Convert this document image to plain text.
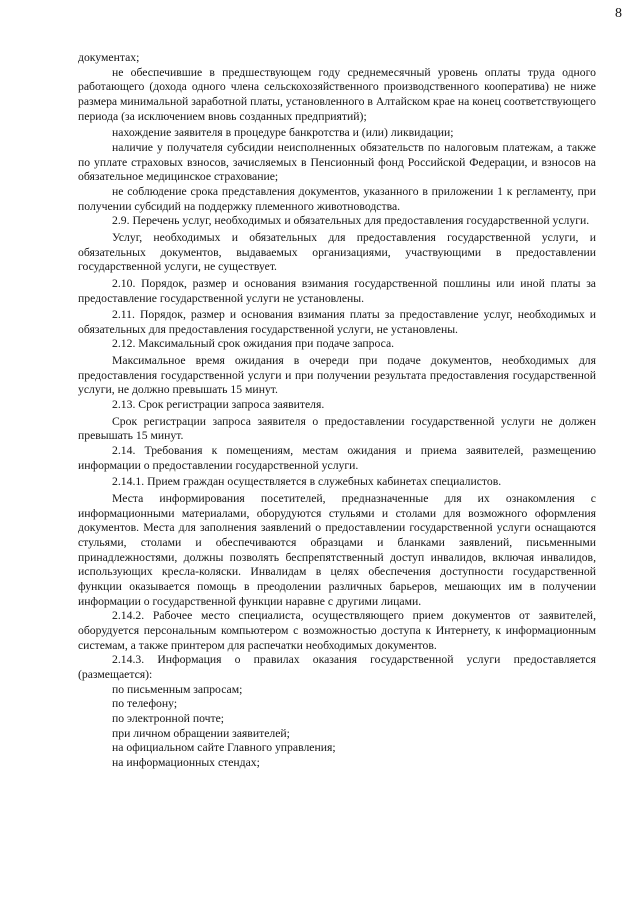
8

документах;

не обеспечившие в предшествующем году среднемесячный уровень оплаты труда одного работающего (дохода одного члена сельскохозяйственного производственного кооператива) не ниже размера минимальной заработной платы, установленного в Алтайском крае на конец соответствующего периода (за исключением вновь созданных предприятий);

нахождение заявителя в процедуре банкротства и (или) ликвидации;

наличие у получателя субсидии неисполненных обязательств по налоговым платежам, а также по уплате страховых взносов, зачисляемых в Пенсионный фонд Российской Федерации, и взносов на обязательное медицинское страхование;

не соблюдение срока представления документов, указанного в приложении 1 к регламенту, при получении субсидий на поддержку племенного животноводства.

2.9. Перечень услуг, необходимых и обязательных для предоставления государственной услуги.

Услуг, необходимых и обязательных для предоставления государственной услуги, и обязательных документов, выдаваемых организациями, участвующими в предоставлении государственной услуги, не существует.

2.10. Порядок, размер и основания взимания государственной пошлины или иной платы за предоставление государственной услуги не установлены.

2.11. Порядок, размер и основания взимания платы за предоставление услуг, необходимых и обязательных для предоставления государственной услуги, не установлены.

2.12. Максимальный срок ожидания при подаче запроса.

Максимальное время ожидания в очереди при подаче документов, необходимых для предоставления государственной услуги и при получении результата предоставления государственной услуги, не должно превышать 15 минут.

2.13. Срок регистрации запроса заявителя.

Срок регистрации запроса заявителя о предоставлении государственной услуги не должен превышать 15 минут.

2.14. Требования к помещениям, местам ожидания и приема заявителей, размещению информации о предоставлении государственной услуги.

2.14.1. Прием граждан осуществляется в служебных кабинетах специалистов.

Места информирования посетителей, предназначенные для их ознакомления с информационными материалами, оборудуются стульями и столами для возможного оформления документов. Места для заполнения заявлений о предоставлении государственной услуги оснащаются стульями, столами и обеспечиваются образцами и бланками заявлений, письменными принадлежностями, должны позволять беспрепятственный доступ инвалидов, включая инвалидов, использующих кресла-коляски. Инвалидам в целях обеспечения доступности государственной функции оказывается помощь в преодолении различных барьеров, мешающих им в получении информации о государственной функции наравне с другими лицами.

2.14.2. Рабочее место специалиста, осуществляющего прием документов от заявителей, оборудуется персональным компьютером с возможностью доступа к Интернету, к информационным системам, а также принтером для распечатки необходимых документов.

2.14.3. Информация о правилах оказания государственной услуги предоставляется (размещается):

по письменным запросам;

по телефону;

по электронной почте;

при личном обращении заявителей;

на официальном сайте Главного управления;

на информационных стендах;
